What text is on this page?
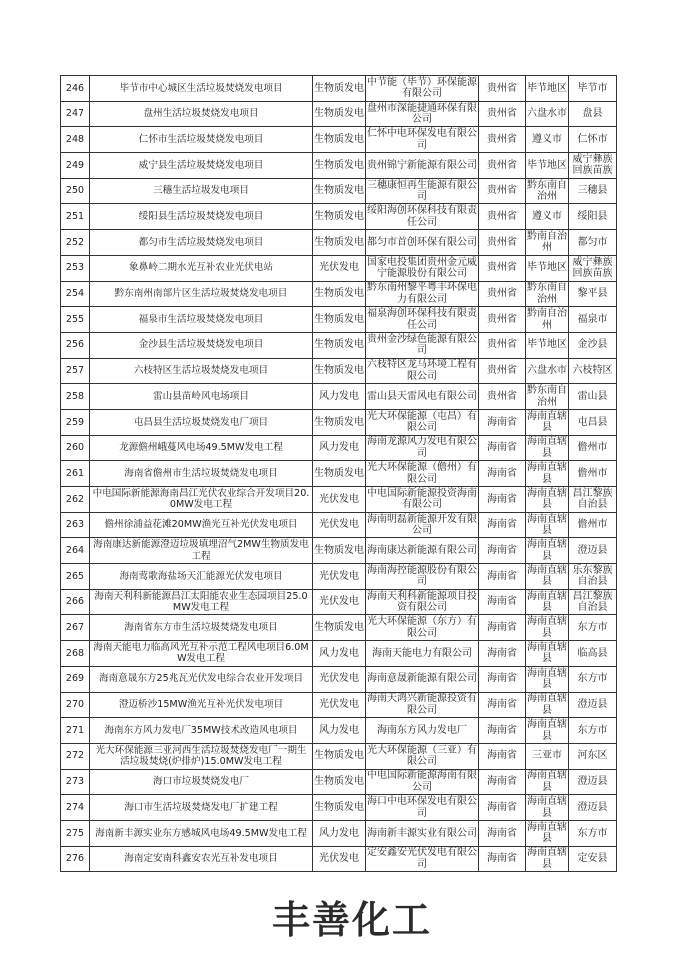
246	毕节市中心城区生活垃圾焚烧发电项目	生物质发电	中节能（毕节）环保能源有限公司	贵州省	毕节地区	毕节市
247	盘州生活垃圾焚烧发电项目	生物质发电	盘州市深能捷通环保有限公司	贵州省	六盘水市	盘县
248	仁怀市生活垃圾焚烧发电项目	生物质发电	仁怀中电环保发电有限公司	贵州省	遵义市	仁怀市
249	威宁县生活垃圾焚烧发电项目	生物质发电	贵州锦宁新能源有限公司	贵州省	毕节地区	威宁彝族回族苗族
250	三穗生活垃圾发电项目	生物质发电	三穗康恒再生能源有限公司	贵州省	黔东南自治州	三穗县
251	绥阳县生活垃圾焚烧发电项目	生物质发电	绥阳海创环保科技有限责任公司	贵州省	遵义市	绥阳县
252	都匀市生活垃圾焚烧发电项目	生物质发电	都匀市首创环保有限公司	贵州省	黔南自治州	都匀市
253	象鼻岭二期水光互补农业光伏电站	光伏发电	国家电投集团贵州金元威宁能源股份有限公司	贵州省	毕节地区	威宁彝族回族苗族
254	黔东南州南部片区生活垃圾焚烧发电项目	生物质发电	黔东南州黎平粤丰环保电力有限公司	贵州省	黔东南自治州	黎平县
255	福泉市生活垃圾焚烧发电项目	生物质发电	福泉海创环保科技有限责任公司	贵州省	黔南自治州	福泉市
256	金沙县生活垃圾焚烧发电项目	生物质发电	贵州金沙绿色能源有限公司	贵州省	毕节地区	金沙县
257	六枝特区生活垃圾焚烧发电项目	生物质发电	六枝特区龙马环境工程有限公司	贵州省	六盘水市	六枝特区
258	雷山县苗岭风电场项目	风力发电	雷山县天雷风电有限公司	贵州省	黔东南自治州	雷山县
259	屯昌县生活垃圾焚烧发电厂项目	生物质发电	光大环保能源（屯昌）有限公司	海南省	海南直辖县	屯昌县
260	龙源儋州峨蔓风电场49.5MW发电工程	风力发电	海南龙源风力发电有限公司	海南省	海南直辖县	儋州市
261	海南省儋州市生活垃圾焚烧发电项目	生物质发电	光大环保能源（儋州）有限公司	海南省	海南直辖县	儋州市
262	中电国际新能源海南昌江光伏农业综合开发项目20.0MW发电工程	光伏发电	中电国际新能源投资海南有限公司	海南省	海南直辖县	昌江黎族自治县
263	儋州徐浦益花滩20MW渔光互补光伏发电项目	光伏发电	海南明磊新能源开发有限公司	海南省	海南直辖县	儋州市
264	海南康达新能源澄迈垃圾填埋沼气2MW生物质发电工程	生物质发电	海南康达新能源有限公司	海南省	海南直辖县	澄迈县
265	海南莺歌海盐场天汇能源光伏发电项目	光伏发电	海南海控能源股份有限公司	海南省	海南直辖县	乐东黎族自治县
266	海南天利科新能源昌江太阳能农业生态园项目25.0MW发电工程	光伏发电	海南天利科新能源项目投资有限公司	海南省	海南直辖县	昌江黎族自治县
267	海南省东方市生活垃圾焚烧发电项目	生物质发电	光大环保能源（东方）有限公司	海南省	海南直辖县	东方市
268	海南天能电力临高风光互补示范工程风电项目6.0MW发电工程	风力发电	海南天能电力有限公司	海南省	海南直辖县	临高县
269	海南意晟东方25兆瓦光伏发电综合农业开发项目	光伏发电	海南意晟新能源有限公司	海南省	海南直辖县	东方市
270	澄迈桥沙15MW渔光互补光伏发电项目	光伏发电	海南天鸿兴新能源投资有限公司	海南省	海南直辖县	澄迈县
271	海南东方风力发电厂35MW技术改造风电项目	风力发电	海南东方风力发电厂	海南省	海南直辖县	东方市
272	光大环保能源三亚河西生活垃圾焚烧发电厂一期生活垃圾焚烧(炉排炉)15.0MW发电工程	生物质发电	光大环保能源（三亚）有限公司	海南省	三亚市	河东区
273	海口市垃圾焚烧发电厂	生物质发电	中电国际新能源海南有限公司	海南省	海南直辖县	澄迈县
274	海口市生活垃圾焚烧发电厂扩建工程	生物质发电	海口中电环保发电有限公司	海南省	海南直辖县	澄迈县
275	海南新丰源实业东方感城风电场49.5MW发电工程	风力发电	海南新丰源实业有限公司	海南省	海南直辖县	东方市
276	海南定安南科鑫安农光互补发电项目	光伏发电	定安鑫安光伏发电有限公司	海南省	海南直辖县	定安县
丰善化工
